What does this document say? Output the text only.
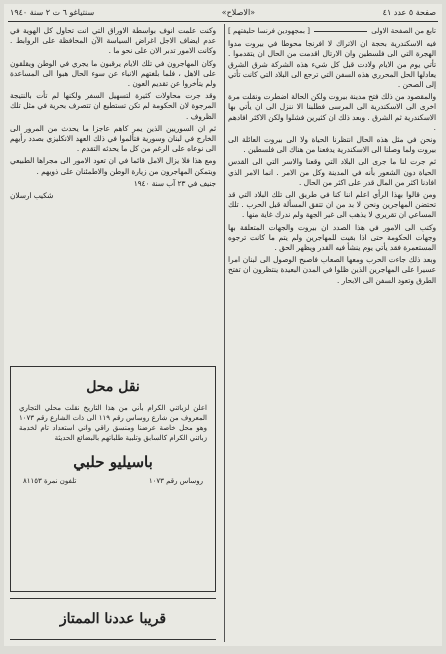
صفحة ٥ عدد ٤١
«الاصلاح»
سنتياغو ٦ ت ٢ سنة ١٩٤٠
تابع من الصفحة الاولى
[ بمجهودين فرنسا حليفتهم ]

فيه الاسكندرية بحجة ان الاتراك لا افرنجا محوطا في بيروت مدوا الهجرة التي الى فلسطين وان الارتال اقدمت من الحال ان يتقدموا . تأتي يوم من الايام ولادت قبل كل شيء هذه الشركة شرق الشرق يعادلها الحل المحرري هذه السفن التي ترجع الى البلاد التي كانت تأتي إلى الصحن .

والمقصود من ذلك فتح مدينة بيروت ولكن الحالة اضطرت ونقلت مرة اخرى الى الاسكندرية الى المرسى فطلبنا الا ننزل الى ان يأتي بها الاسكندرية ثم الشرق . وبعد ذلك ان كثيرين فشلوا ولكن الاكثر افادهم .

ونحن في مثل هذه الحال انتظرنا الحياة ولا الى بيروت العائلة الى بيروت ولما وصلنا الى الاسكندرية يدفعنا من هناك الى فلسطين .

ثم جرت لنا ما جرى الى البلاد التي وقعنا والاسر التي الى القدس الحياة دون الشعور بأنه في المدينة وكل من الامر . انما الامر الذي افادنا اكثر من المال قدر على اكثر من الحال .

ومن قالوا بهذا الرأي اعلم اننا كنا في طريق الى تلك البلاد التي قد تحتضن المهاجرين ونحن لا بد من ان تتفق المسألة قبل الحرب . تلك المساعي ان تقريري لا يذهب الى غير الجهة ولم ندرك غاية منها .

وكتب الى الامور في هذا الصدد ان بيروت والجهات المتعلقة بها وجهات الحكومة حتى اذا بقيت للمهاجرين ولم يتم ما كانت ترجوه المستعمرة فقد يأتي يوم ينشأ فيه القدر ويظهر الحق .

وبعد ذلك جاءت الحرب ومعها الصعاب فاصبح الوصول الى لبنان امرا عسيرا على المهاجرين الذين ظلوا في المدن البعيدة ينتظرون ان تفتح الطرق وتعود السفن الى الابحار .

وكنت علمت انوف بواسطة الاوراق التي انت تحاول كل الهوية في عدم ايضاف الاجل اغراض السياسة الآن المحافظة على الروابط . وكانت الامور تدبر الان على نحو ما .

وكان المهاجرون في تلك الايام يرقبون ما يجري في الوطن ويقلقون على الاهل ، فلما بلغتهم الانباء عن سوء الحال هبوا الى المساعدة ولم يتأخروا عن تقديم العون .

وقد جرت محاولات كثيرة لتسهيل السفر ولكنها لم تأت بالنتيجة المرجوة لان الحكومة لم تكن تستطيع ان تتصرف بحرية في مثل تلك الظروف .

ثم ان السوريين الذين يمر كاهم عاجزا ما يحدث من المرور الى الخارج في لبنان وسورية فتألموا في ذلك العهد الانكليزي بصدد رأيهم الى نوعاه على الرغم من كل ما يحدثه التقدم .

ومع هذا فلا يزال الامل قائما في ان تعود الامور الى مجراها الطبيعي ويتمكن المهاجرون من زيارة الوطن والاطمئنان على ذويهم .

جنيف في ٢٣ آب سنة ١٩٤٠

شكيب ارسلان

نقل محل
اعلن لزبائني الكرام بأني من هذا التاريخ نقلت محلي التجاري المعروف من شارع روساس رقم ١١٩ الى ذات الشارع رقم ١٠٧٣ وهو محل خاصة عرضنا ومنسق راقي واني استعداد تام لخدمة زبائني الكرام كالسابق وتلبية طلباتهم بالبضائع الحديثة
باسيليو حلبي
روساس رقم ١٠٧٣
تلفون نمرة ٨١١٥٣
قريبا عددنا الممتاز
